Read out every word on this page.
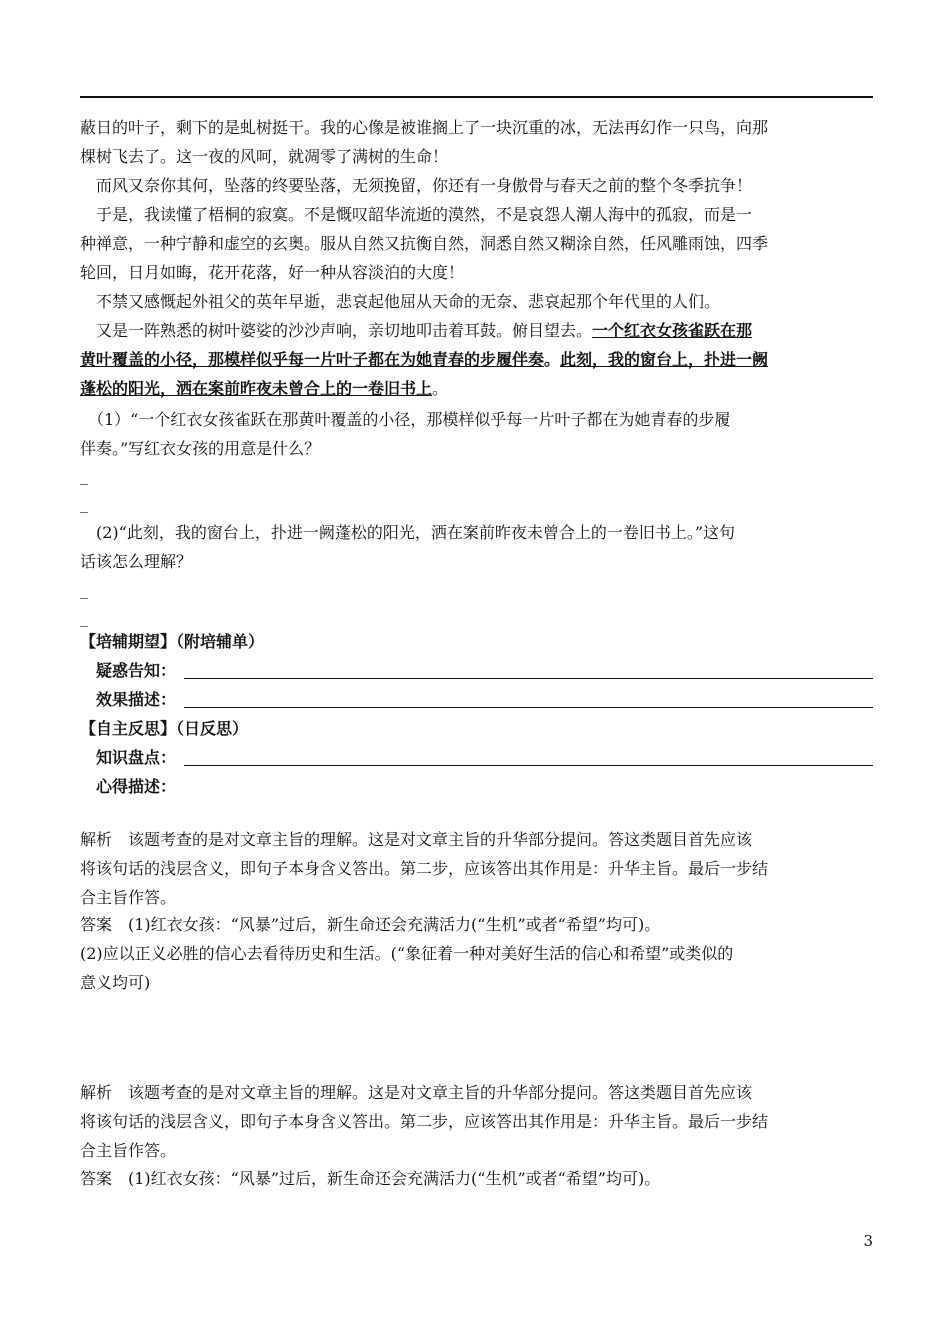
蔽日的叶子，剩下的是虬树挺干。我的心像是被谁搁上了一块沉重的冰，无法再幻作一只鸟，向那
棵树飞去了。这一夜的风呵，就凋零了满树的生命！
　而风又奈你其何，坠落的终要坠落，无须挽留，你还有一身傲骨与春天之前的整个冬季抗争！
　于是，我读懂了梧桐的寂寞。不是慨叹韶华流逝的漠然，不是哀怨人潮人海中的孤寂，而是一
种禅意，一种宁静和虚空的玄奥。服从自然又抗衡自然，洞悉自然又糊涂自然，任风雕雨蚀，四季
轮回，日月如晦，花开花落，好一种从容淡泊的大度！
　不禁又感慨起外祖父的英年早逝，悲哀起他屈从天命的无奈、悲哀起那个年代里的人们。
　又是一阵熟悉的树叶婆娑的沙沙声响，亲切地叩击着耳鼓。俯目望去。一个红衣女孩雀跃在那
黄叶覆盖的小径，那模样似乎每一片叶子都在为她青春的步履伴奏。此刻，我的窗台上，扑进一阙
蓬松的阳光，洒在案前昨夜未曾合上的一卷旧书上。
　（1）“一个红衣女孩雀跃在那黄叶覆盖的小径，那模样似乎每一片叶子都在为她青春的步履
伴奏。”写红衣女孩的用意是什么？
_
_
　(2)“此刻，我的窗台上，扑进一阙蓬松的阳光，洒在案前昨夜未曾合上的一卷旧书上。”这句
话该怎么理解？
_
_
【培辅期望】（附培辅单）
疑惑告知：
效果描述：
【自主反思】（日反思）
知识盘点：
心得描述：
解析　该题考查的是对文章主旨的理解。这是对文章主旨的升华部分提问。答这类题目首先应该
将该句话的浅层含义，即句子本身含义答出。第二步，应该答出其作用是：升华主旨。最后一步结
合主旨作答。
答案　(1)红衣女孩：“风暴”过后，新生命还会充满活力(“生机”或者“希望”均可)。
(2)应以正义必胜的信心去看待历史和生活。(“象征着一种对美好生活的信心和希望”或类似的
意义均可)
解析　该题考查的是对文章主旨的理解。这是对文章主旨的升华部分提问。答这类题目首先应该
将该句话的浅层含义，即句子本身含义答出。第二步，应该答出其作用是：升华主旨。最后一步结
合主旨作答。
答案　(1)红衣女孩：“风暴”过后，新生命还会充满活力(“生机”或者“希望”均可)。
3
